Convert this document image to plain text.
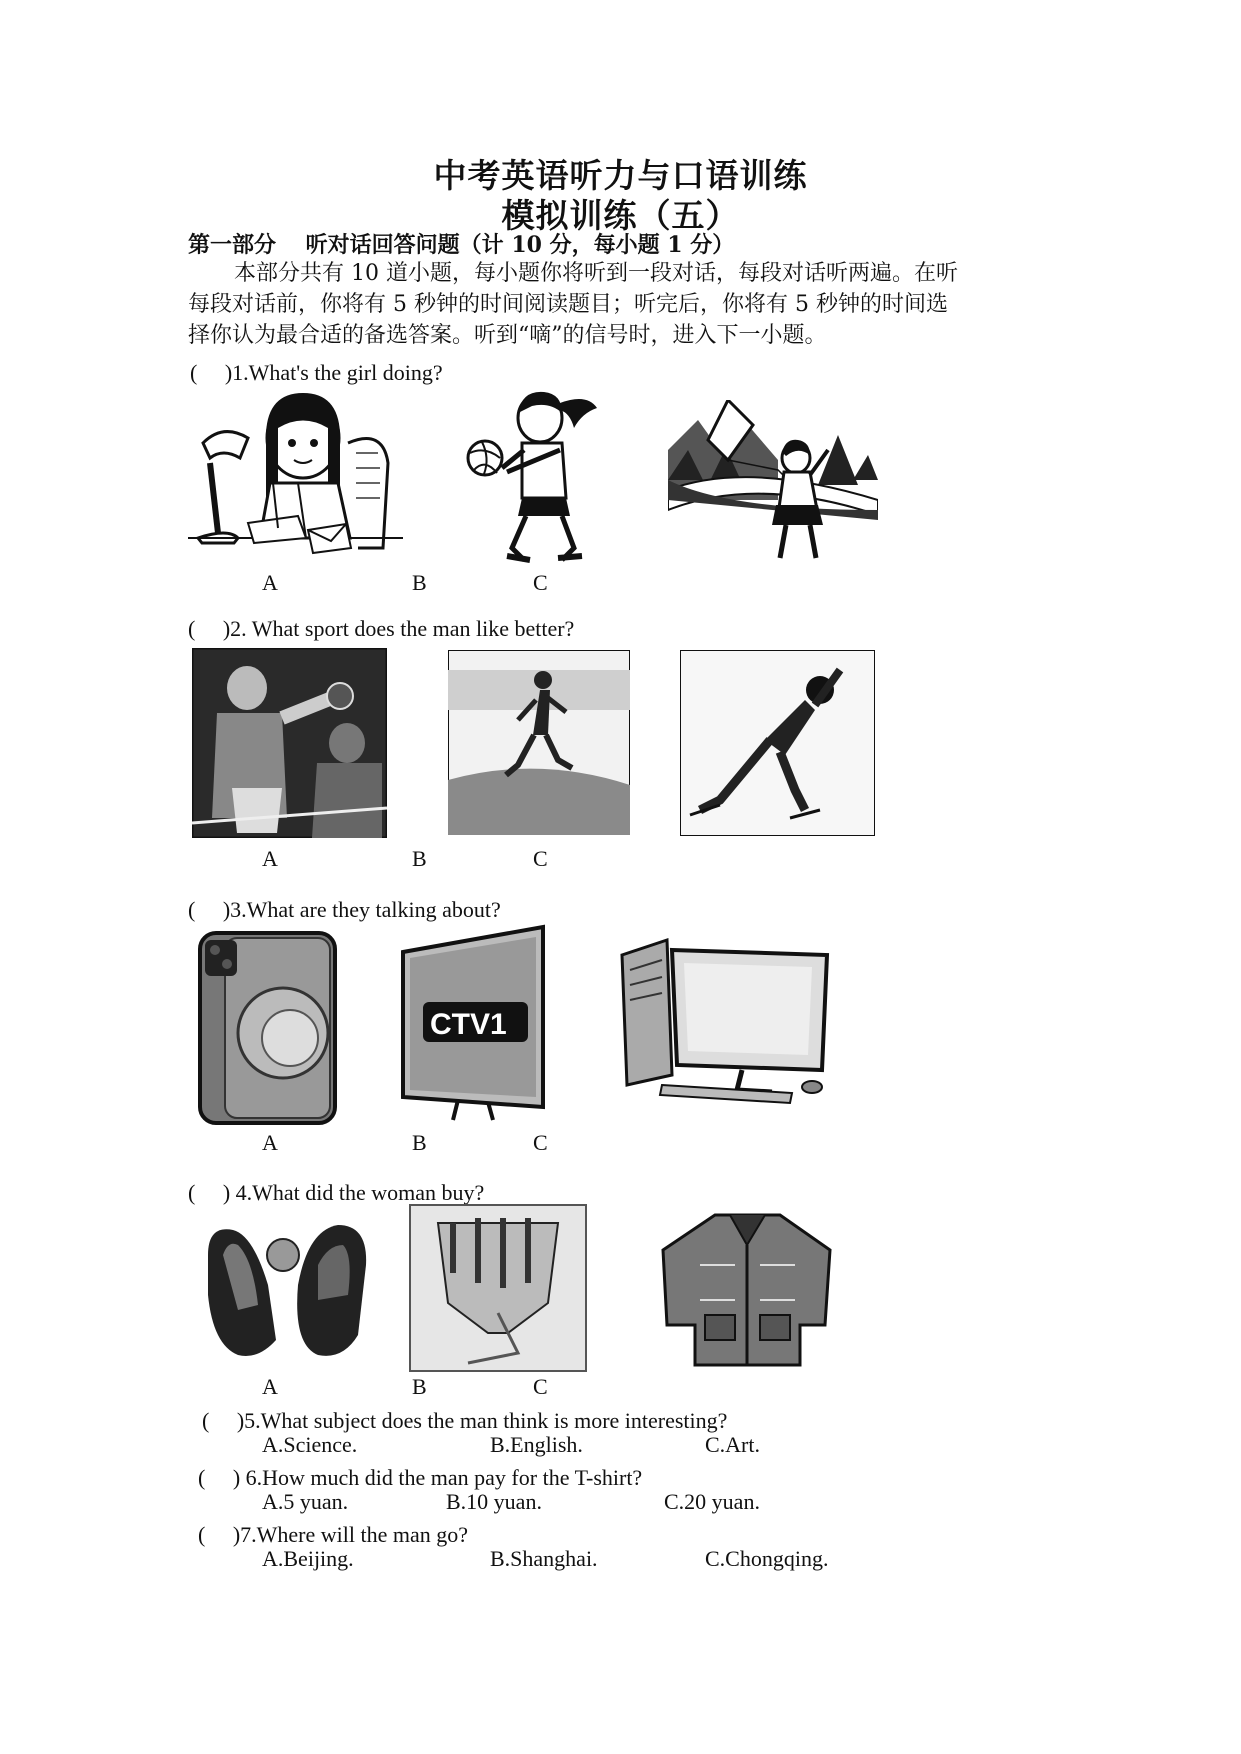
中考英语听力与口语训练
模拟训练（五）
第一部分　 听对话回答问题（计 10 分，每小题 1 分）
本部分共有 10 道小题，每小题你将听到一段对话，每段对话听两遍。在听
每段对话前，你将有 5 秒钟的时间阅读题目；听完后，你将有 5 秒钟的时间选
择你认为最合适的备选答案。听到“嘀”的信号时，进入下一小题。
(　 )1.What's the girl doing?
A	B	C
(　 )2. What sport does the man like better?
A	B	C
(　 )3.What are they talking about?
CTV1
A	B	C
(　 ) 4.What did the woman buy?
A	B	C
(　 )5.What subject does the man think is more interesting?
A.Science.	B.English.	C.Art.
(　 ) 6.How much did the man pay for the T-shirt?
A.5 yuan.	B.10 yuan.	C.20 yuan.
(　 )7.Where will the man go?
A.Beijing.	B.Shanghai.	C.Chongqing.
